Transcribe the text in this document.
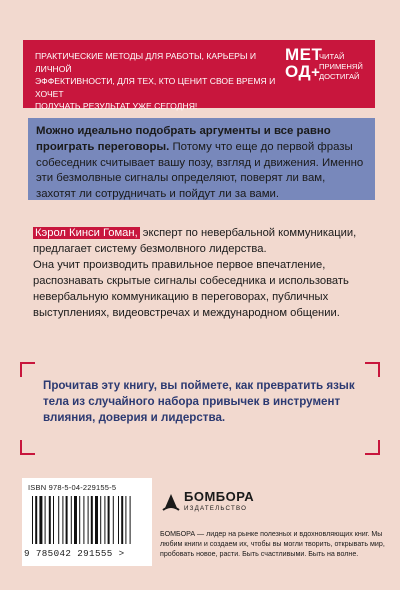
ПРАКТИЧЕСКИЕ МЕТОДЫ ДЛЯ РАБОТЫ, КАРЬЕРЫ И ЛИЧНОЙ
ЭФФЕКТИВНОСТИ, ДЛЯ ТЕХ, КТО ЦЕНИТ СВОЕ ВРЕМЯ И ХОЧЕТ
ПОЛУЧАТЬ РЕЗУЛЬТАТ УЖЕ СЕГОДНЯ!
МЕТ
ОД+
ЧИТАЙ
ПРИМЕНЯЙ
ДОСТИГАЙ
Можно идеально подобрать аргументы и все равно проиграть переговоры. Потому что еще до первой фразы собеседник считывает вашу позу, взгляд и движения. Именно эти безмолвные сигналы определяют, поверят ли вам, захотят ли сотрудничать и пойдут ли за вами.
Кэрол Кинси Гоман, эксперт по невербальной коммуникации, предлагает систему безмолвного лидерства.
Она учит производить правильное первое впечатление, распознавать скрытые сигналы собеседника и использовать невербальную коммуникацию в переговорах, публичных выступлениях, видеовстречах и международном общении.
Прочитав эту книгу, вы поймете, как превратить язык тела из случайного набора привычек в инструмент влияния, доверия и лидерства.
ISBN 978-5-04-229155-5
9 785042 291555 >
БОМБОРА
ИЗДАТЕЛЬСТВО
БОМБОРА — лидер на рынке полезных и вдохновляющих книг. Мы любим книги и создаем их, чтобы вы могли творить, открывать мир, пробовать новое, расти. Быть счастливыми. Быть на волне.
